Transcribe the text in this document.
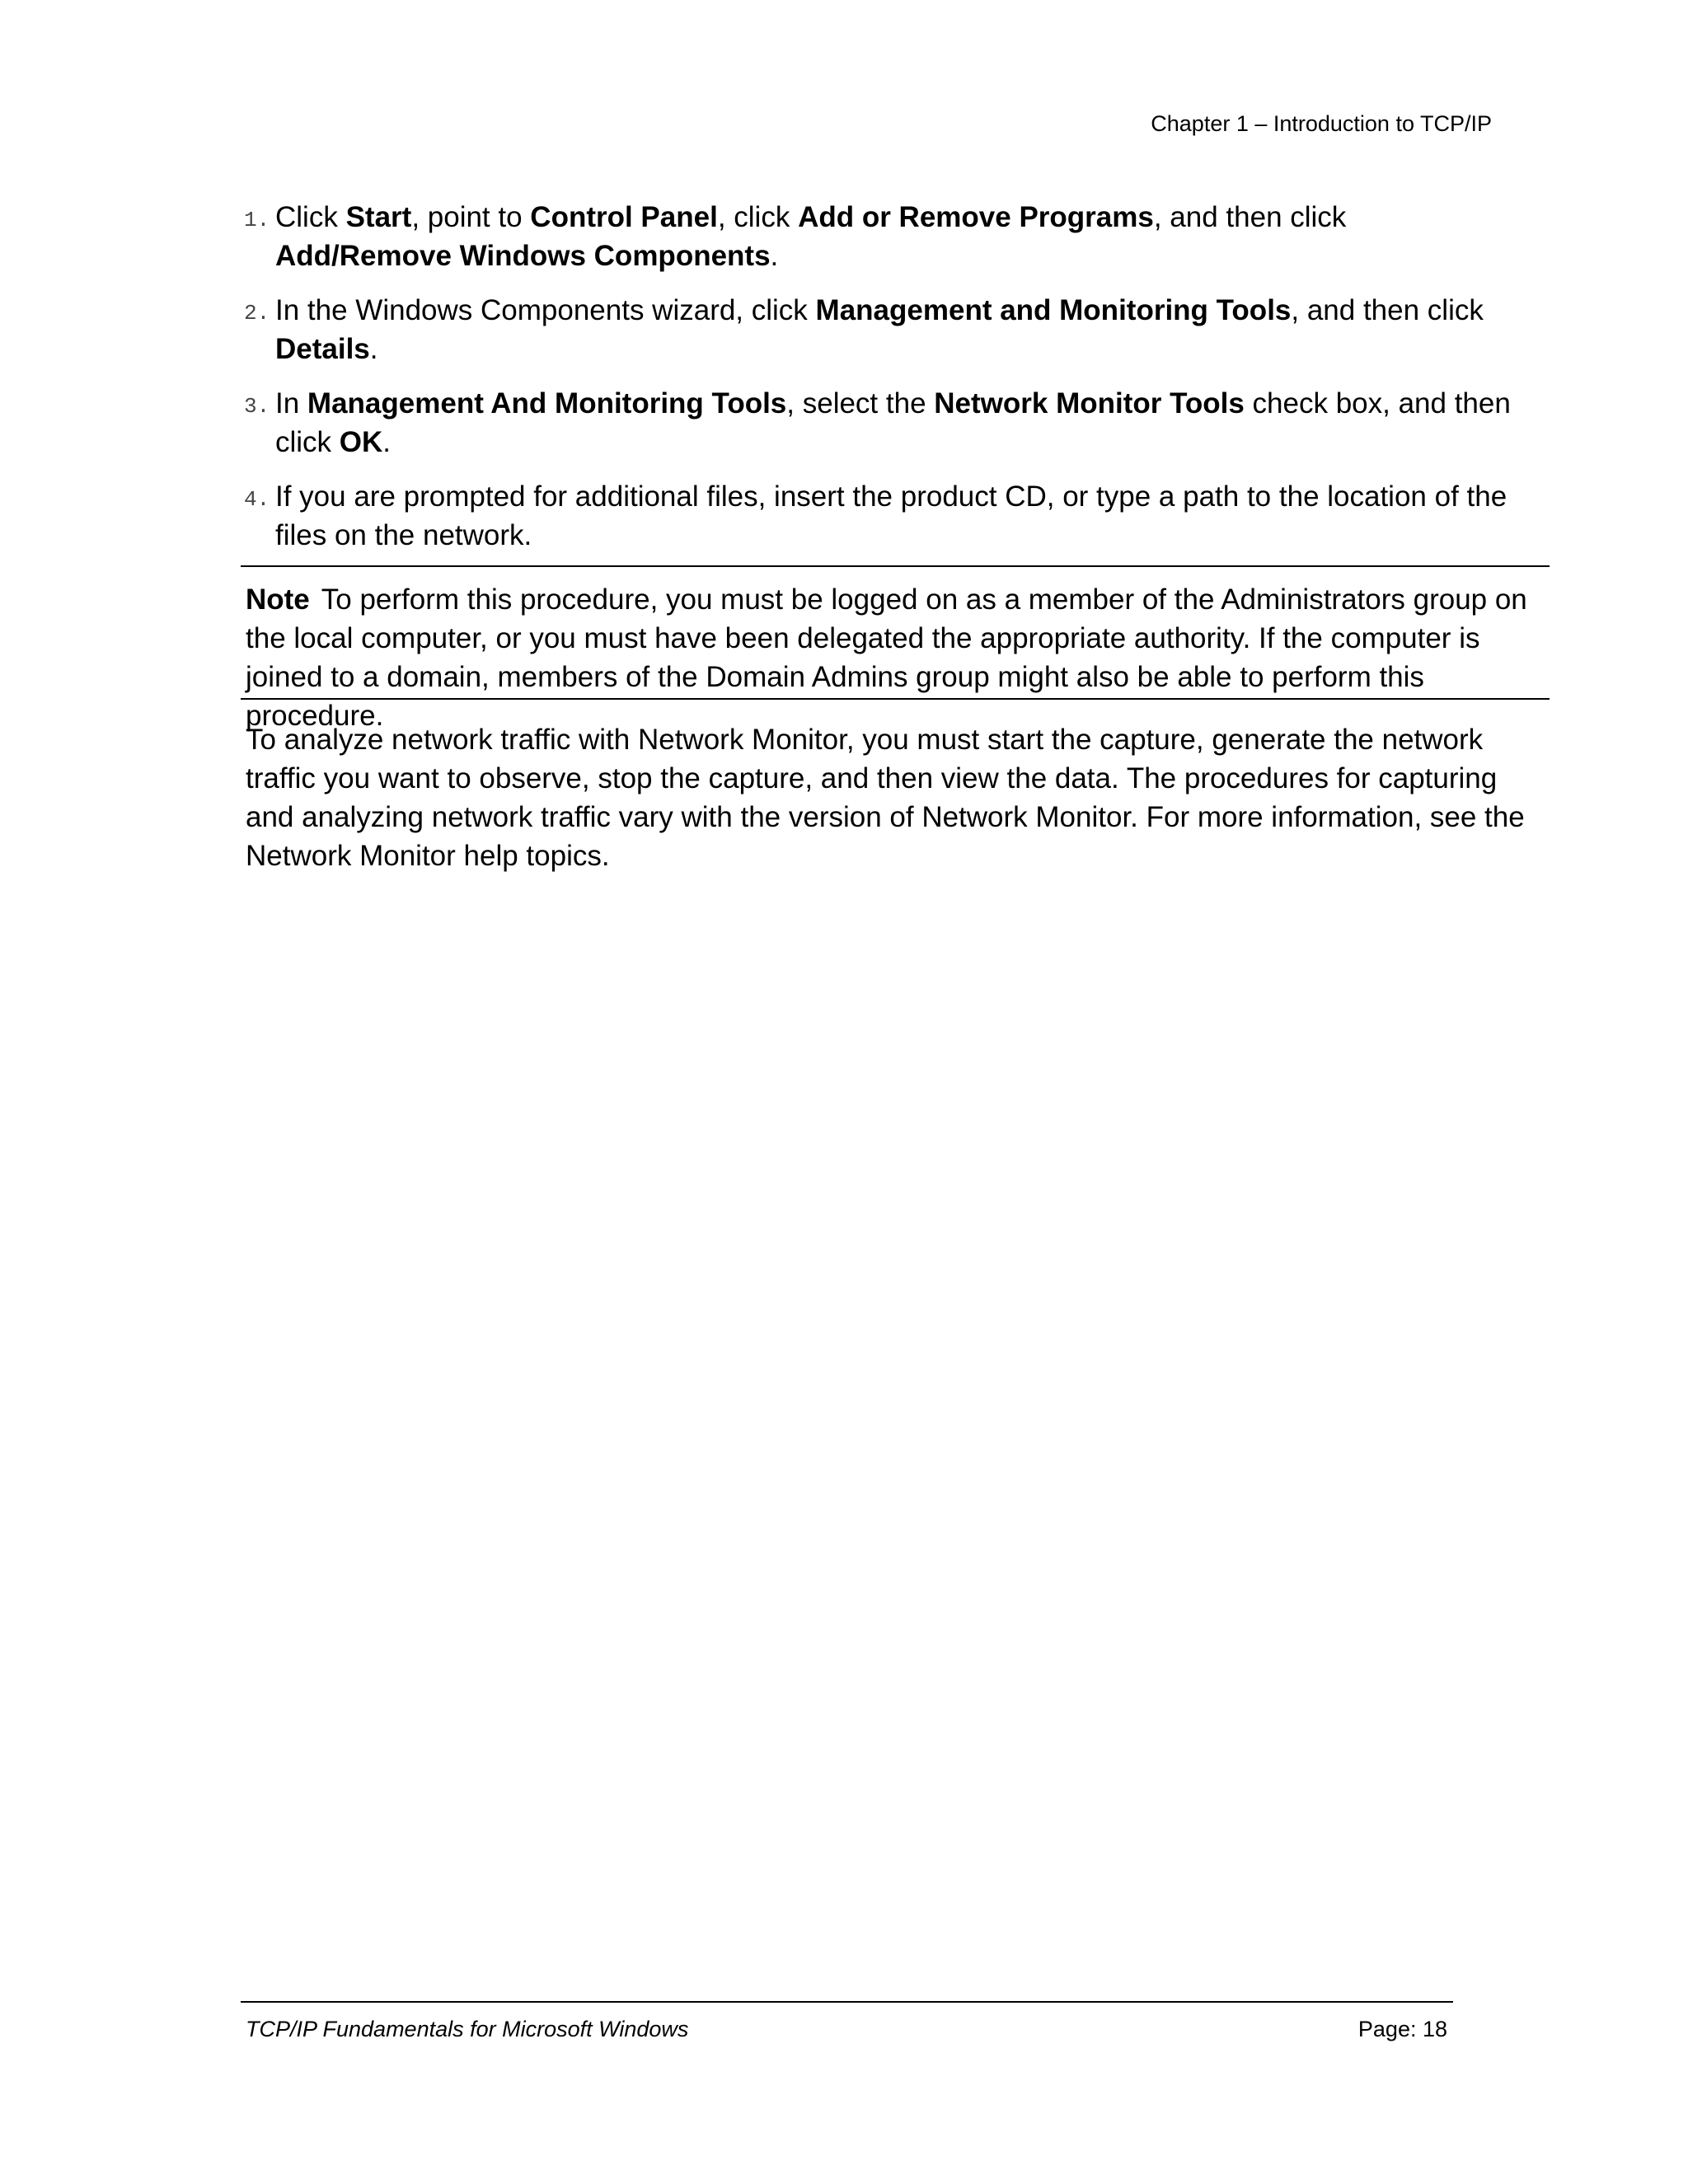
Chapter 1 – Introduction to TCP/IP
1. Click Start, point to Control Panel, click Add or Remove Programs, and then click Add/Remove Windows Components.
2. In the Windows Components wizard, click Management and Monitoring Tools, and then click Details.
3. In Management And Monitoring Tools, select the Network Monitor Tools check box, and then click OK.
4. If you are prompted for additional files, insert the product CD, or type a path to the location of the files on the network.

Note To perform this procedure, you must be logged on as a member of the Administrators group on the local computer, or you must have been delegated the appropriate authority. If the computer is joined to a domain, members of the Domain Admins group might also be able to perform this procedure.

To analyze network traffic with Network Monitor, you must start the capture, generate the network traffic you want to observe, stop the capture, and then view the data. The procedures for capturing and analyzing network traffic vary with the version of Network Monitor. For more information, see the Network Monitor help topics.

TCP/IP Fundamentals for Microsoft Windows	Page: 18
